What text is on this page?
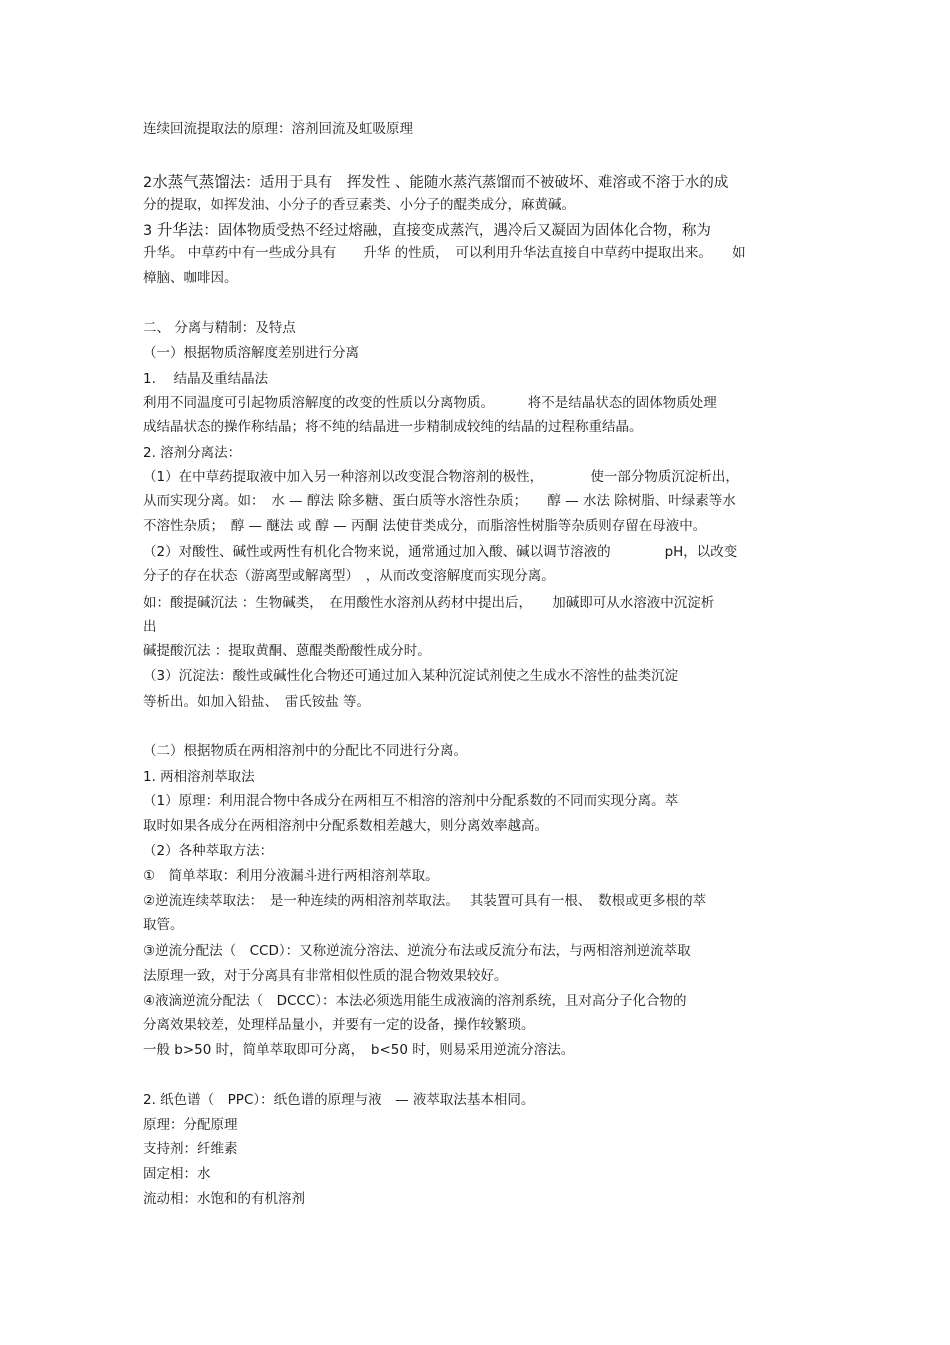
连续回流提取法的原理：溶剂回流及虹吸原理
2水蒸气蒸馏法：适用于具有　挥发性 、能随水蒸汽蒸馏而不被破坏、难溶或不溶于水的成
分的提取，如挥发油、小分子的香豆素类、小分子的醌类成分，麻黄碱。
3 升华法：固体物质受热不经过熔融，直接变成蒸汽，遇冷后又凝固为固体化合物，称为
升华。 中草药中有一些成分具有　　升华 的性质，　可以利用升华法直接自中草药中提取出来。　　如
樟脑、咖啡因。
二、 分离与精制：及特点
（一）根据物质溶解度差别进行分离
1.　 结晶及重结晶法
利用不同温度可引起物质溶解度的改变的性质以分离物质。　　　将不是结晶状态的固体物质处理
成结晶状态的操作称结晶；将不纯的结晶进一步精制成较纯的结晶的过程称重结晶。
2. 溶剂分离法：
（1）在中草药提取液中加入另一种溶剂以改变混合物溶剂的极性，　　　　使一部分物质沉淀析出，
从而实现分离。如：　水 — 醇法 除多糖、蛋白质等水溶性杂质；　　醇 — 水法 除树脂、叶绿素等水
不溶性杂质；　醇 — 醚法 或 醇 — 丙酮 法使苷类成分，而脂溶性树脂等杂质则存留在母液中。
（2）对酸性、碱性或两性有机化合物来说，通常通过加入酸、碱以调节溶液的　　　　pH，以改变
分子的存在状态（游离型或解离型）　，从而改变溶解度而实现分离。
如：酸提碱沉法 ：生物碱类，　在用酸性水溶剂从药材中提出后，　　加碱即可从水溶液中沉淀析
出
碱提酸沉法 ：提取黄酮、蒽醌类酚酸性成分时。
（3）沉淀法：酸性或碱性化合物还可通过加入某种沉淀试剂使之生成水不溶性的盐类沉淀
等析出。如加入铅盐、　雷氏铵盐 等。
（二）根据物质在两相溶剂中的分配比不同进行分离。
1. 两相溶剂萃取法
（1）原理：利用混合物中各成分在两相互不相溶的溶剂中分配系数的不同而实现分离。萃
取时如果各成分在两相溶剂中分配系数相差越大，则分离效率越高。
（2）各种萃取方法：
①　简单萃取：利用分液漏斗进行两相溶剂萃取。
②逆流连续萃取法：　是一种连续的两相溶剂萃取法。　 其装置可具有一根、　数根或更多根的萃
取管。
③逆流分配法（　CCD）：又称逆流分溶法、逆流分布法或反流分布法，与两相溶剂逆流萃取
法原理一致，对于分离具有非常相似性质的混合物效果较好。
④液滴逆流分配法（　DCCC）：本法必须选用能生成液滴的溶剂系统，且对高分子化合物的
分离效果较差，处理样品量小，并要有一定的设备，操作较繁琐。
一般 b>50 时，简单萃取即可分离，　b<50 时，则易采用逆流分溶法。
2. 纸色谱（　PPC）：纸色谱的原理与液　— 液萃取法基本相同。
原理：分配原理
支持剂：纤维素
固定相：水
流动相：水饱和的有机溶剂
